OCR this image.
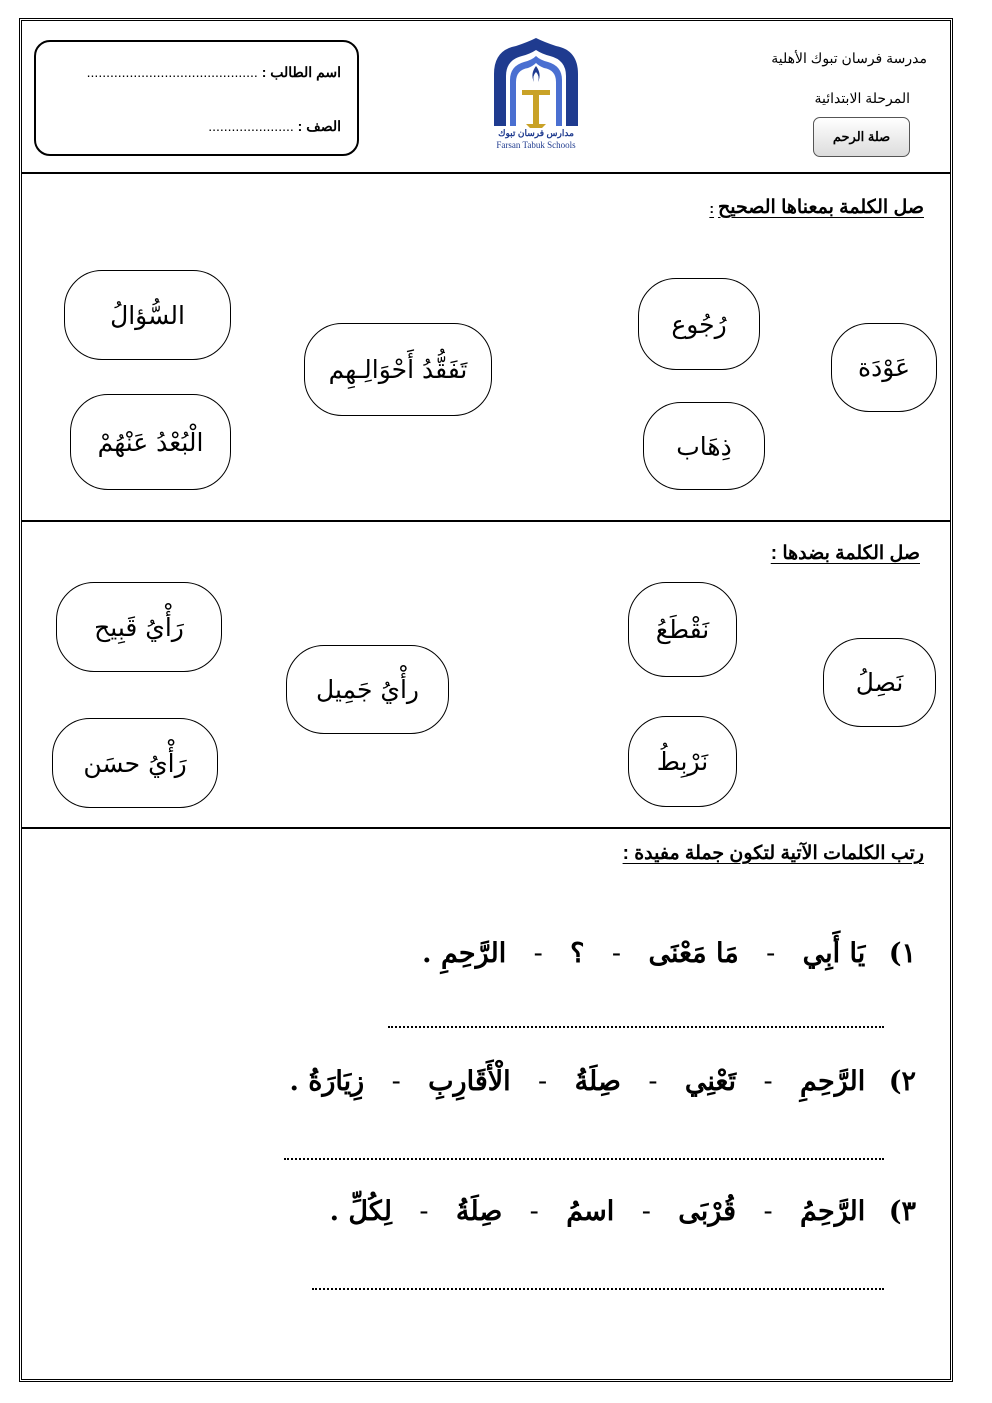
اسم الطالب : ............................................
الصف : ......................	مدارس فرسان تبوك
Farsan Tabuk Schools
مدرسة فرسان تبوك الأهلية
المرحلة الابتدائية
صلة الرحم
صل الكلمة بمعناها الصحيح:
عَوْدَة
رُجُوع
ذِهَاب
تَفَقُّدُ أَحْوَالِـهِم
السُّؤالُ
الْبُعْدُ عَنْهُمْ
صل الكلمة بضدها :
نَصِلُ
نَقْطَعُ
نَرْبِطُ
رأْيُ جَمِيل
رَأْيُ قَبِيح
رَأْيُ حسَن
رتب الكلمات الآتية لتكون جملة مفيدة :
١) يَا أَبِي - مَا مَعْنَى - ؟ - الرَّحِمِ .
٢) الرَّحِمِ - تَعْنِي - صِلَةُ - الْأَقَارِبِ - زِيَارَةُ .
٣) الرَّحِمُ - قُرْبَى - اسمُ - صِلَةُ - لِكُلِّ .
